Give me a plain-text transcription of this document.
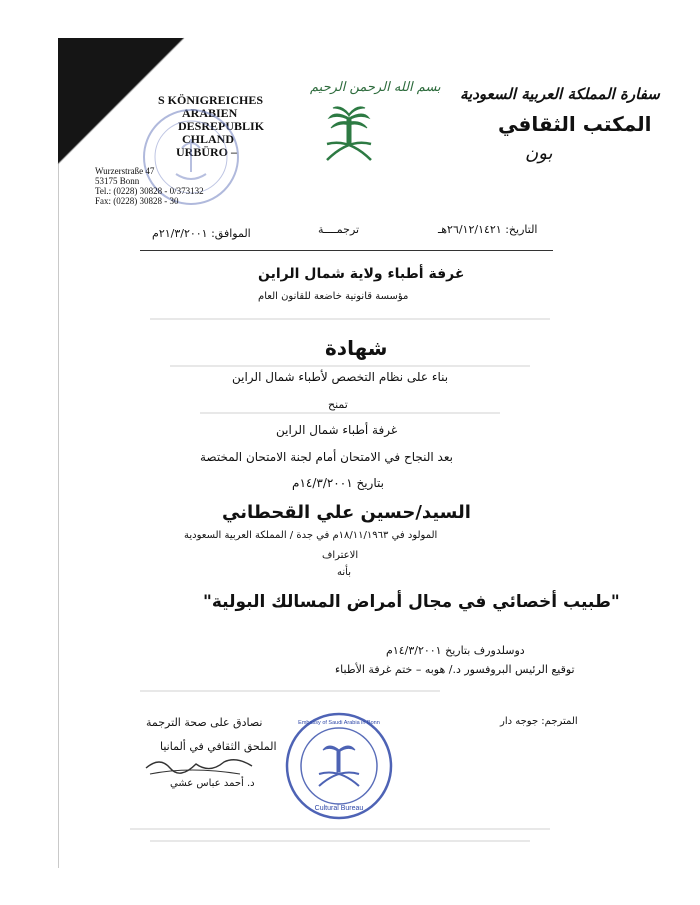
S KÖNIGREICHES
ARABIEN
DESREPUBLIK
CHLAND
URBÜRO –
Wurzerstraße 47
53175 Bonn
Tel.: (0228) 30828 - 0/373132
Fax: (0228) 30828 - 30
بسم الله الرحمن الرحيم سفارة المملكة العربية السعودية
المكتب الثقافي
بون
التاريخ: ٢٦/١٢/١٤٢١هـ
ترجمــــة
الموافق: ٢١/٣/٢٠٠١م
غرفة أطباء ولاية شمال الراين
مؤسسة قانونية خاضعة للقانون العام
شهادة
بناء على نظام التخصص لأطباء شمال الراين
تمنح
غرفة أطباء شمال الراين
بعد النجاح في الامتحان أمام لجنة الامتحان المختصة
بتاريخ ١٤/٣/٢٠٠١م
السيد/حسين علي القحطاني
المولود في ١٨/١١/١٩٦٣م في جدة / المملكة العربية السعودية
الاعتراف
بأنه
"طبيب أخصائي في مجال أمراض المسالك البولية"
دوسلدورف بتاريخ ١٤/٣/٢٠٠١م
توقيع الرئيس البروفسور د./ هوبه – ختم غرفة الأطباء
المترجم: جوجه دار
نصادق على صحة الترجمة
الملحق الثقافي في ألمانيا
د. أحمد عباس عشي
Cultural Bureau
Embassy of Saudi Arabia in Bonn
